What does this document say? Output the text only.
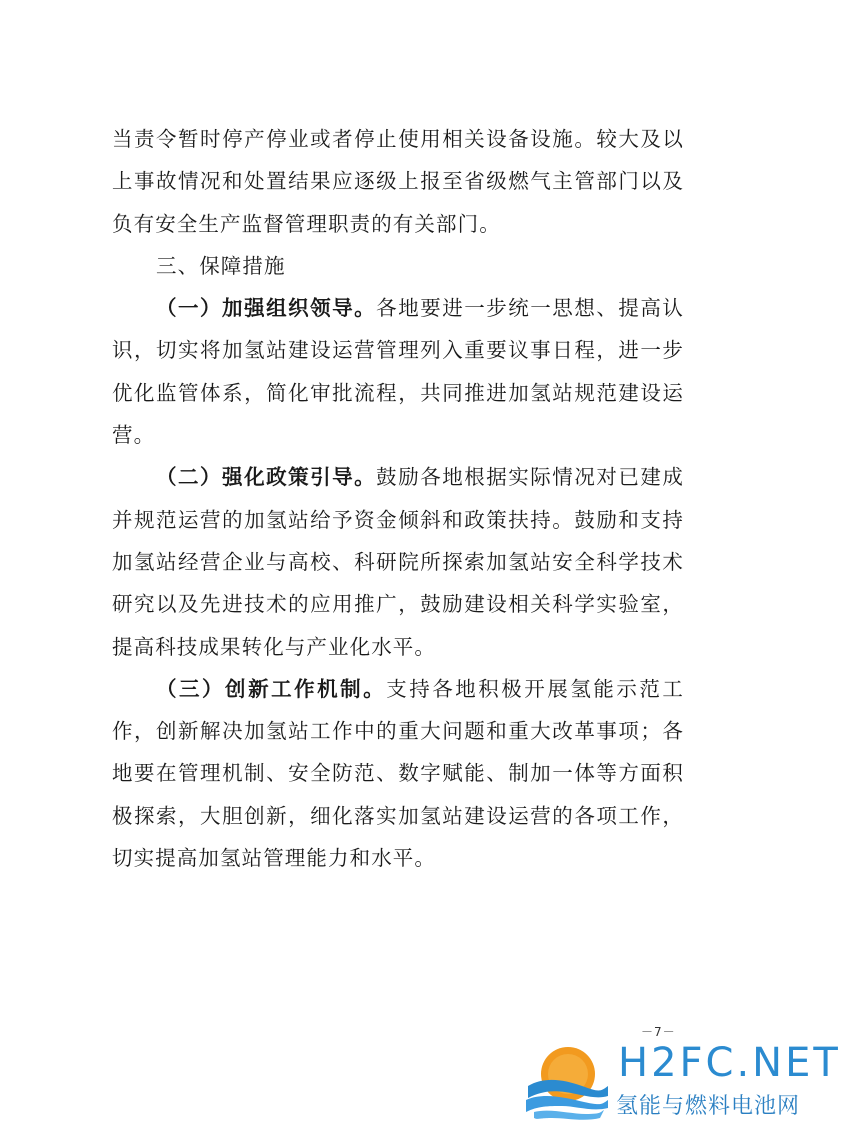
当责令暂时停产停业或者停止使用相关设备设施。较大及以上事故情况和处置结果应逐级上报至省级燃气主管部门以及负有安全生产监督管理职责的有关部门。

三、保障措施

（一）加强组织领导。各地要进一步统一思想、提高认识，切实将加氢站建设运营管理列入重要议事日程，进一步优化监管体系，简化审批流程，共同推进加氢站规范建设运营。

（二）强化政策引导。鼓励各地根据实际情况对已建成并规范运营的加氢站给予资金倾斜和政策扶持。鼓励和支持加氢站经营企业与高校、科研院所探索加氢站安全科学技术研究以及先进技术的应用推广，鼓励建设相关科学实验室，提高科技成果转化与产业化水平。

（三）创新工作机制。支持各地积极开展氢能示范工作，创新解决加氢站工作中的重大问题和重大改革事项；各地要在管理机制、安全防范、数字赋能、制加一体等方面积极探索，大胆创新，细化落实加氢站建设运营的各项工作，切实提高加氢站管理能力和水平。

－7－
H2FC.NET
氢能与燃料电池网
